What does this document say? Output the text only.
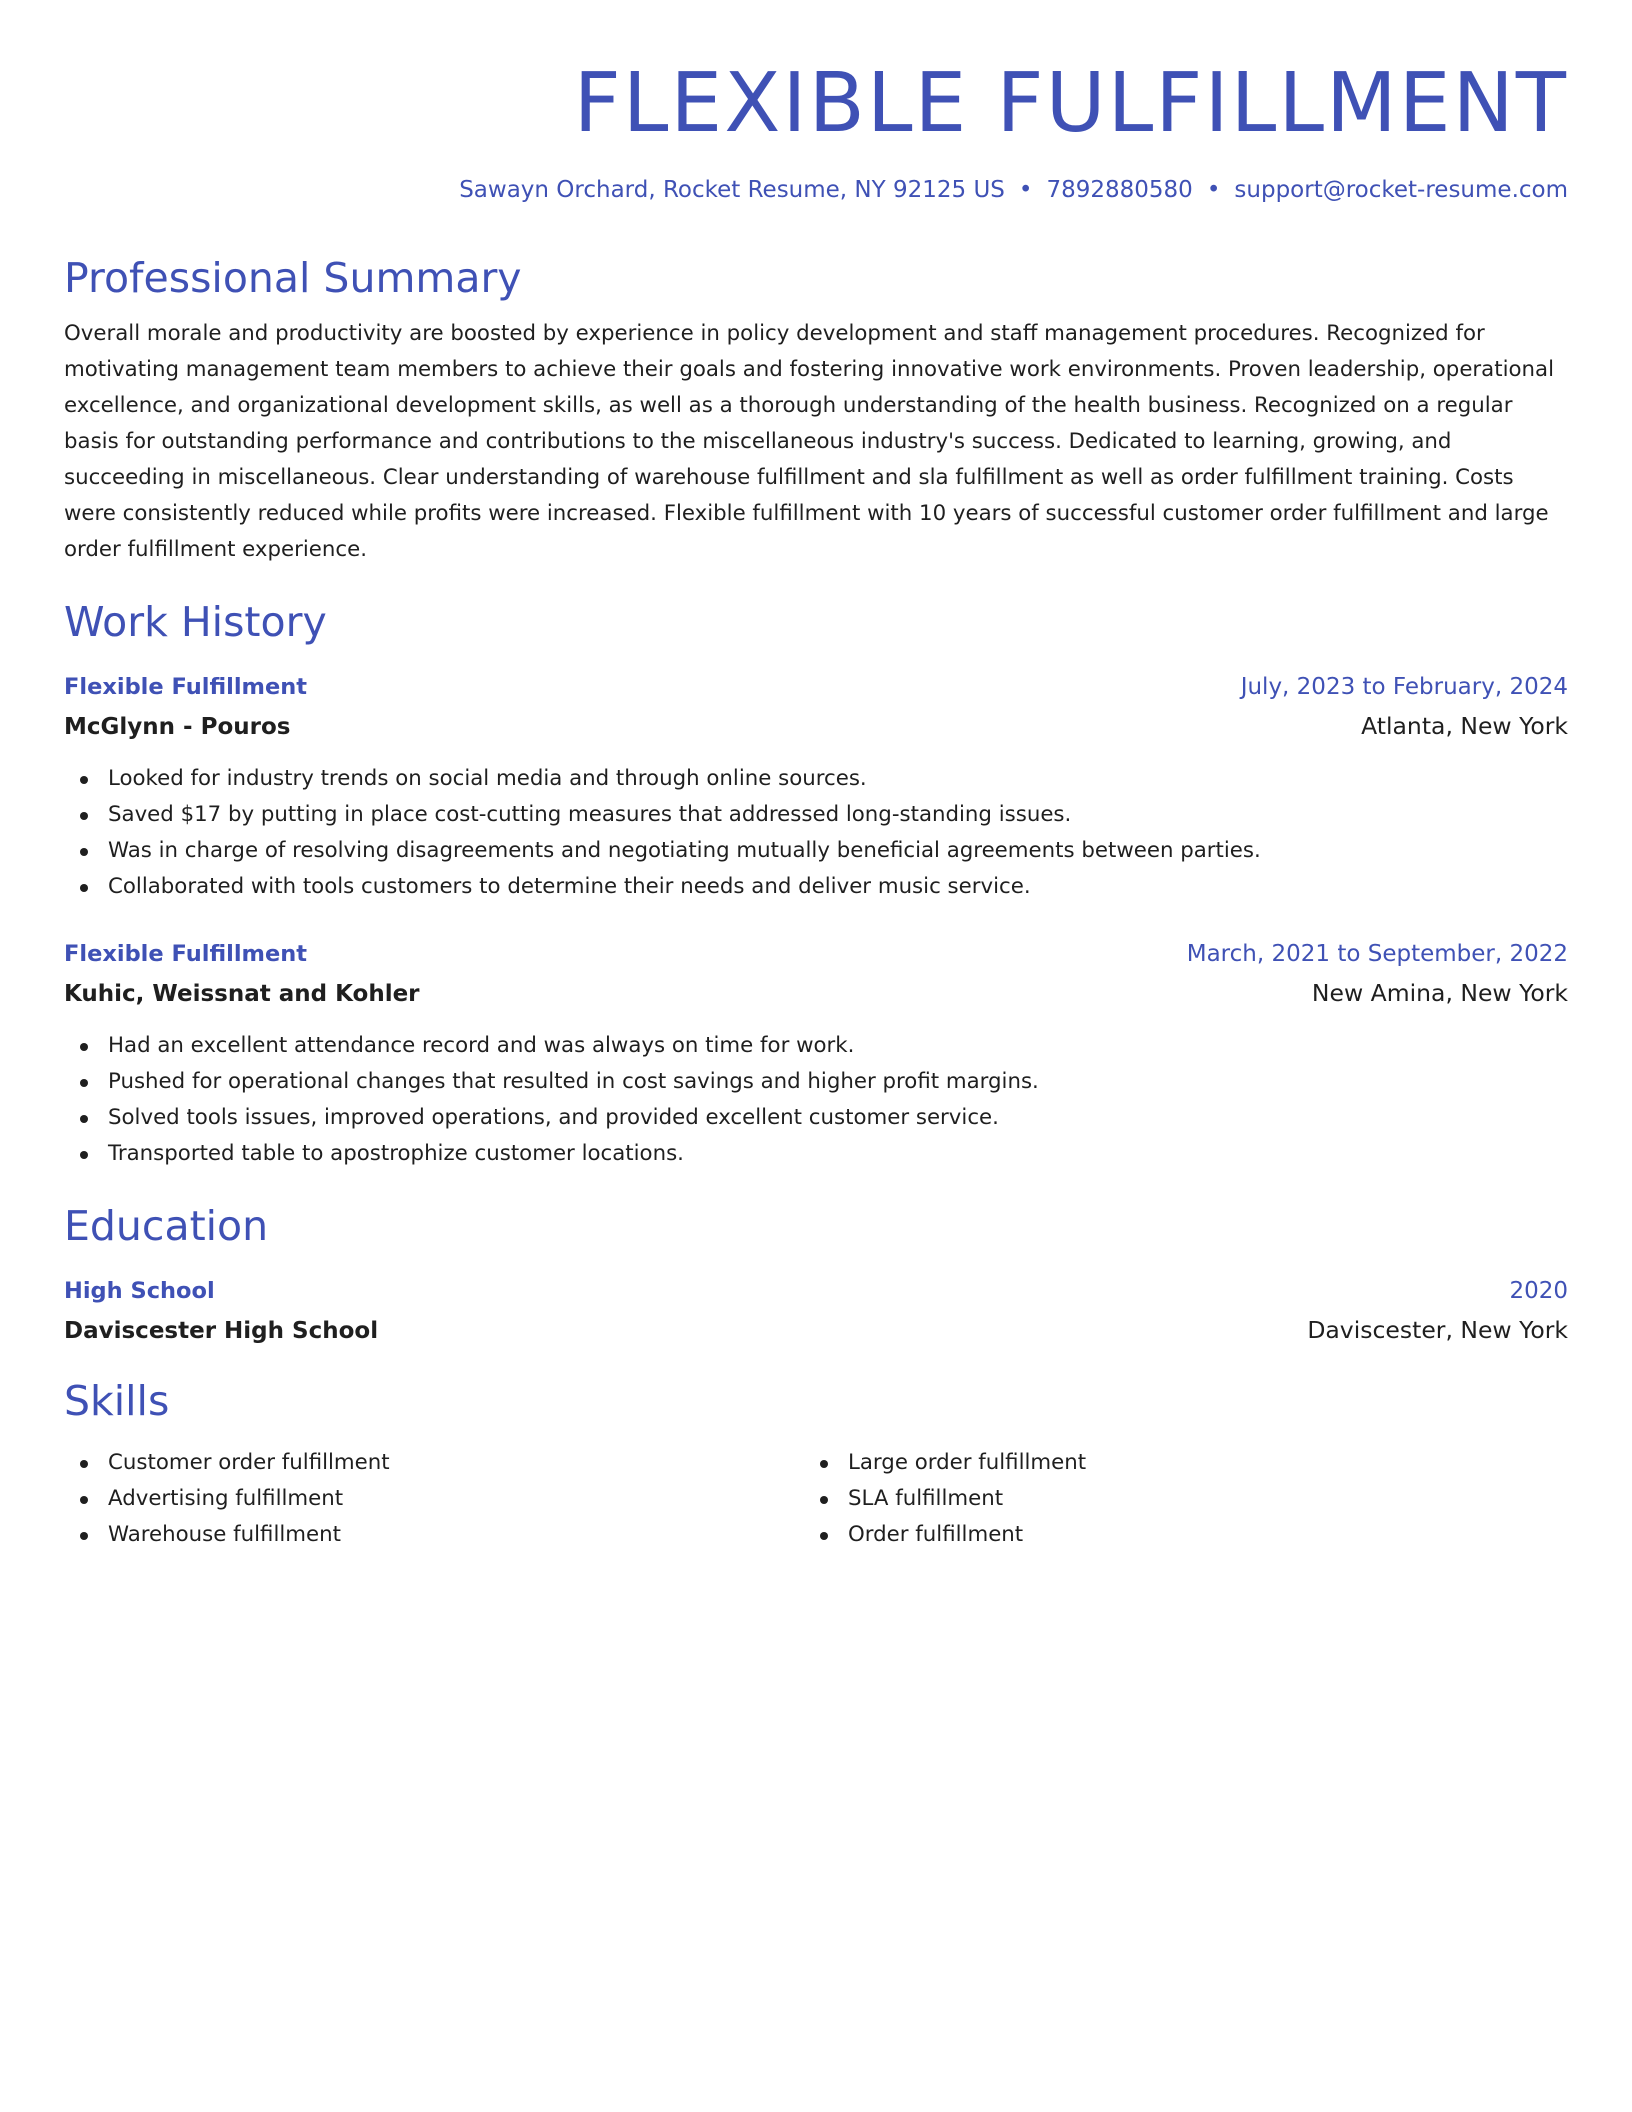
FLEXIBLE FULFILLMENT
Sawayn Orchard, Rocket Resume, NY 92125 US • 7892880580 • support@rocket-resume.com
Professional Summary

Overall morale and productivity are boosted by experience in policy development and staff management procedures. Recognized for motivating management team members to achieve their goals and fostering innovative work environments. Proven leadership, operational excellence, and organizational development skills, as well as a thorough understanding of the health business. Recognized on a regular basis for outstanding performance and contributions to the miscellaneous industry's success. Dedicated to learning, growing, and succeeding in miscellaneous. Clear understanding of warehouse fulfillment and sla fulfillment as well as order fulfillment training. Costs were consistently reduced while profits were increased. Flexible fulfillment with 10 years of successful customer order fulfillment and large order fulfillment experience.

Work History
Flexible Fulfillment	July, 2023 to February, 2024
McGlynn - Pouros	Atlanta, New York
Looked for industry trends on social media and through online sources.
Saved $17 by putting in place cost-cutting measures that addressed long-standing issues.
Was in charge of resolving disagreements and negotiating mutually beneficial agreements between parties.
Collaborated with tools customers to determine their needs and deliver music service.
Flexible Fulfillment	March, 2021 to September, 2022
Kuhic, Weissnat and Kohler	New Amina, New York
Had an excellent attendance record and was always on time for work.
Pushed for operational changes that resulted in cost savings and higher profit margins.
Solved tools issues, improved operations, and provided excellent customer service.
Transported table to apostrophize customer locations.
Education
High School	2020
Daviscester High School	Daviscester, New York
Skills
Customer order fulfillment
Advertising fulfillment
Warehouse fulfillment
Large order fulfillment
SLA fulfillment
Order fulfillment
